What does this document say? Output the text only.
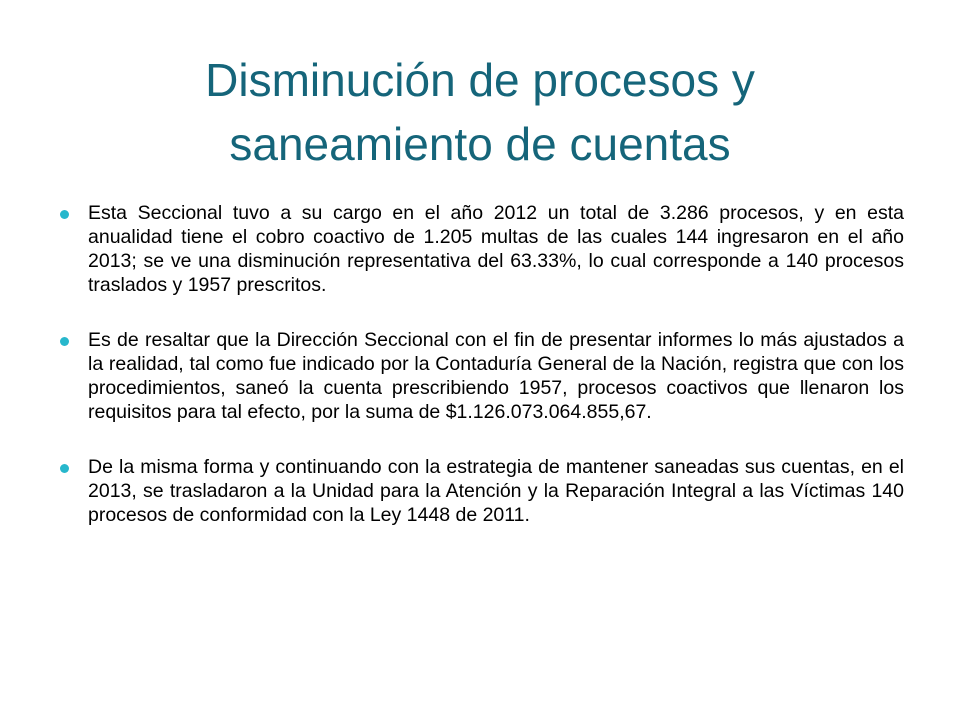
Disminución de procesos y
saneamiento de cuentas
Esta Seccional tuvo a su cargo en el año 2012 un total de 3.286 procesos, y en esta anualidad tiene el cobro coactivo de 1.205 multas de las cuales 144 ingresaron en el año 2013; se ve una disminución representativa del 63.33%, lo cual corresponde a 140 procesos traslados y 1957 prescritos.
Es de resaltar que la Dirección Seccional con el fin de presentar informes lo más ajustados a la realidad, tal como fue indicado por la Contaduría General de la Nación, registra que con los procedimientos, saneó la cuenta prescribiendo 1957, procesos coactivos que llenaron los requisitos para tal efecto, por la suma de $1.126.073.064.855,67.
De la misma forma y continuando con la estrategia de mantener saneadas sus cuentas, en el 2013, se trasladaron a la Unidad para la Atención y la Reparación Integral a las Víctimas 140 procesos de conformidad con la Ley 1448 de 2011.
